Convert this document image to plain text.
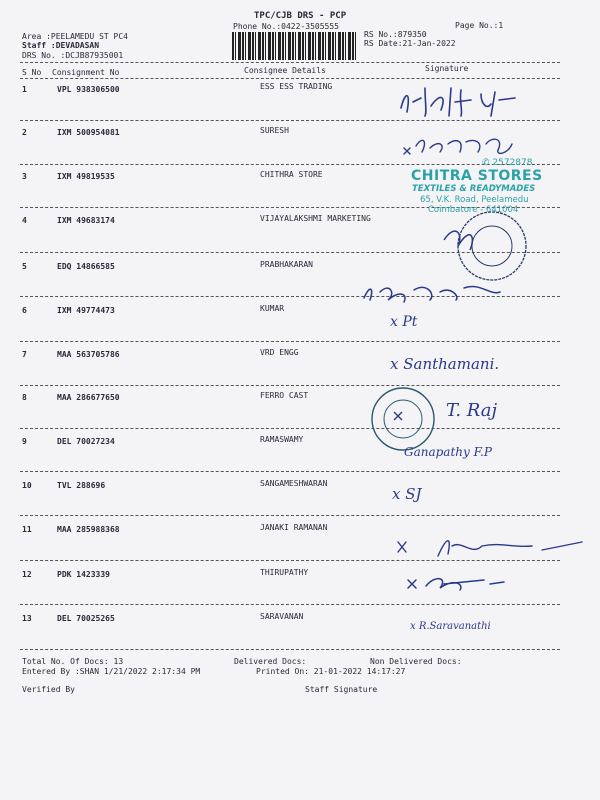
TPC/CJB DRS - PCP
Phone No.:0422-3505555	Page No.:1
Area :PEELAMEDU ST PC4
Staff :DEVADASAN
DRS No. :DCJB87935001
RS No.:879350
RS Date:21-Jan-2022
S No Consignment No	Consignee Details	Signature
1	VPL 938306500	ESS ESS TRADING
2	IXM 500954081	SURESH
3	IXM 49819535	CHITHRA STORE
4	IXM 49683174	VIJAYALAKSHMI MARKETING
5	EDQ 14866585	PRABHAKARAN
6	IXM 49774473	KUMAR
7	MAA 563705786	VRD ENGG
8	MAA 286677650	FERRO CAST
9	DEL 70027234	RAMASWAMY
10	TVL 288696	SANGAMESHWARAN
11	MAA 285988368	JANAKI RAMANAN
12	PDK 1423339	THIRUPATHY
13	DEL 70025265	SARAVANAN
Total No. Of Docs: 13	Delivered Docs:	Non Delivered Docs:
Entered By :SHAN 1/21/2022 2:17:34 PM	Printed On: 21-01-2022 14:17:27
Verified By	Staff Signature
✆ 2572878
CHITRA STORES
TEXTILES & READYMADES
65, V.K. Road, Peelamedu
Coimbatore - 641004
x Pt
x Santhamani.
T. Raj
Ganapathy F.P
x SJ
x R.Saravanathi
